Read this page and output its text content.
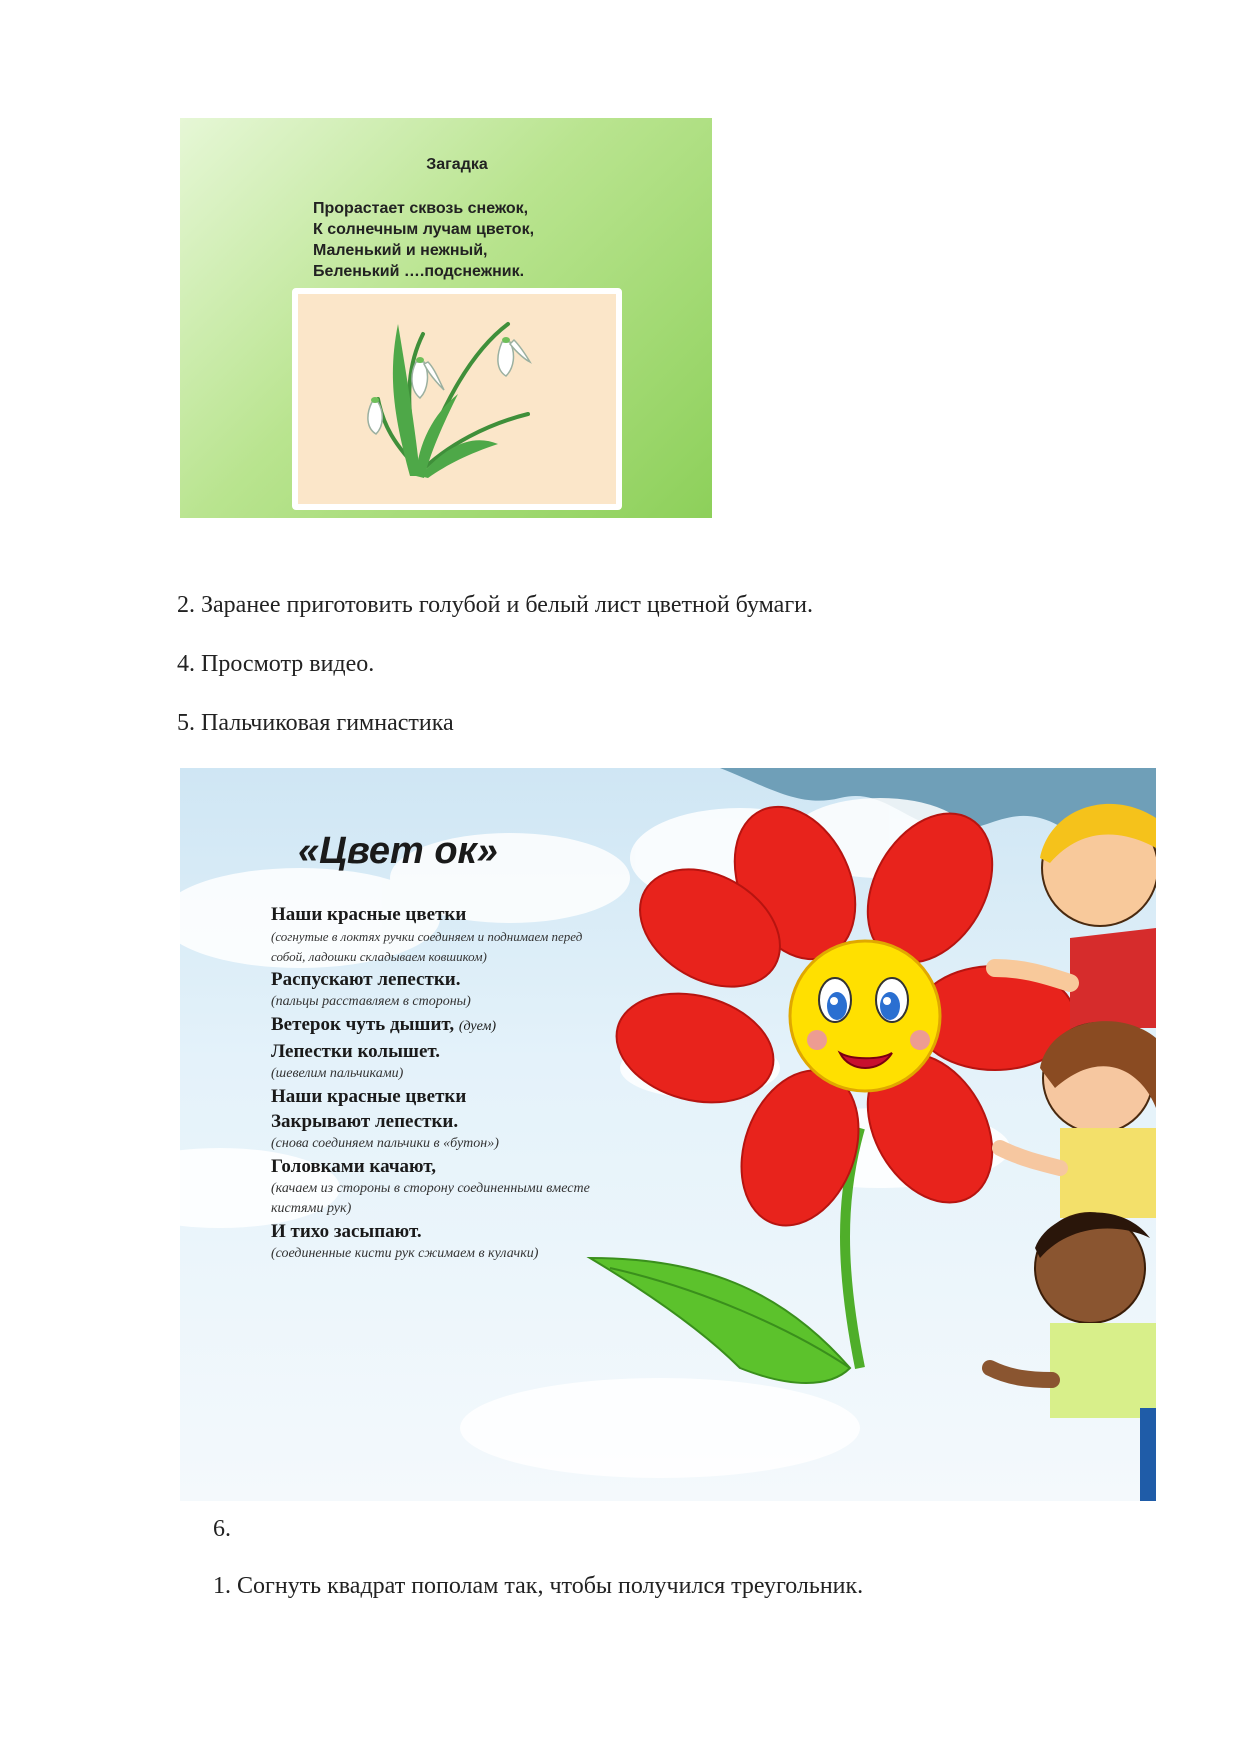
Загадка
Прорастает сквозь снежок,
К солнечным лучам цветок,
Маленький и нежный,
Беленький ….подснежник.
2. Заранее приготовить голубой и белый лист цветной бумаги.
4. Просмотр видео.
5. Пальчиковая гимнастика
«Цвет ок»
Наши красные цветки
(согнутые в локтях ручки соединяем и поднимаем перед собой, ладошки складываем ковшиком)
Распускают лепестки.
(пальцы расставляем в стороны)
Ветерок чуть дышит, (дуем)
Лепестки колышет.
(шевелим пальчиками)
Наши красные цветки
Закрывают лепестки.
(снова соединяем пальчики в «бутон»)
Головками качают,
(качаем из стороны в сторону соединенными вместе кистями рук)
И тихо засыпают.
(соединенные кисти рук сжимаем в кулачки)
6.
1. Согнуть квадрат пополам так, чтобы получился треугольник.
